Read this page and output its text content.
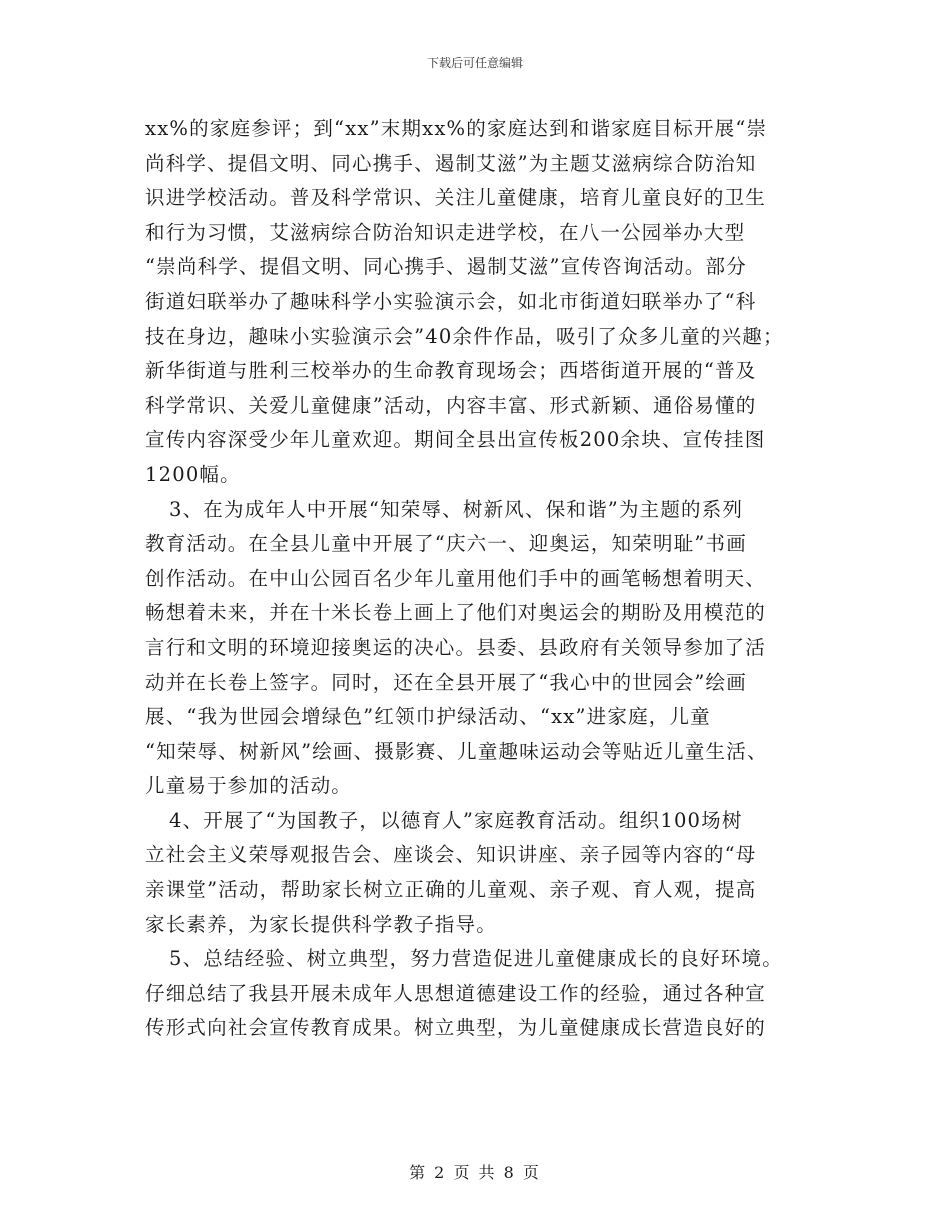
下载后可任意编辑
xx%的家庭参评；到“xx”末期xx%的家庭达到和谐家庭目标开展“崇
尚科学、提倡文明、同心携手、遏制艾滋”为主题艾滋病综合防治知
识进学校活动。普及科学常识、关注儿童健康，培育儿童良好的卫生
和行为习惯，艾滋病综合防治知识走进学校，在八一公园举办大型
“崇尚科学、提倡文明、同心携手、遏制艾滋”宣传咨询活动。部分
街道妇联举办了趣味科学小实验演示会，如北市街道妇联举办了“科
技在身边，趣味小实验演示会”40余件作品，吸引了众多儿童的兴趣；
新华街道与胜利三校举办的生命教育现场会；西塔街道开展的“普及
科学常识、关爱儿童健康”活动，内容丰富、形式新颖、通俗易懂的
宣传内容深受少年儿童欢迎。期间全县出宣传板200余块、宣传挂图
1200幅。
3、在为成年人中开展“知荣辱、树新风、保和谐”为主题的系列
教育活动。在全县儿童中开展了“庆六一、迎奥运，知荣明耻”书画
创作活动。在中山公园百名少年儿童用他们手中的画笔畅想着明天、
畅想着未来，并在十米长卷上画上了他们对奥运会的期盼及用模范的
言行和文明的环境迎接奥运的决心。县委、县政府有关领导参加了活
动并在长卷上签字。同时，还在全县开展了“我心中的世园会”绘画
展、“我为世园会增绿色”红领巾护绿活动、“xx”进家庭，儿童
“知荣辱、树新风”绘画、摄影赛、儿童趣味运动会等贴近儿童生活、
儿童易于参加的活动。
4、开展了“为国教子，以德育人”家庭教育活动。组织100场树
立社会主义荣辱观报告会、座谈会、知识讲座、亲子园等内容的“母
亲课堂”活动，帮助家长树立正确的儿童观、亲子观、育人观，提高
家长素养，为家长提供科学教子指导。
5、总结经验、树立典型，努力营造促进儿童健康成长的良好环境。
仔细总结了我县开展未成年人思想道德建设工作的经验，通过各种宣
传形式向社会宣传教育成果。树立典型，为儿童健康成长营造良好的
第 2 页 共 8 页
